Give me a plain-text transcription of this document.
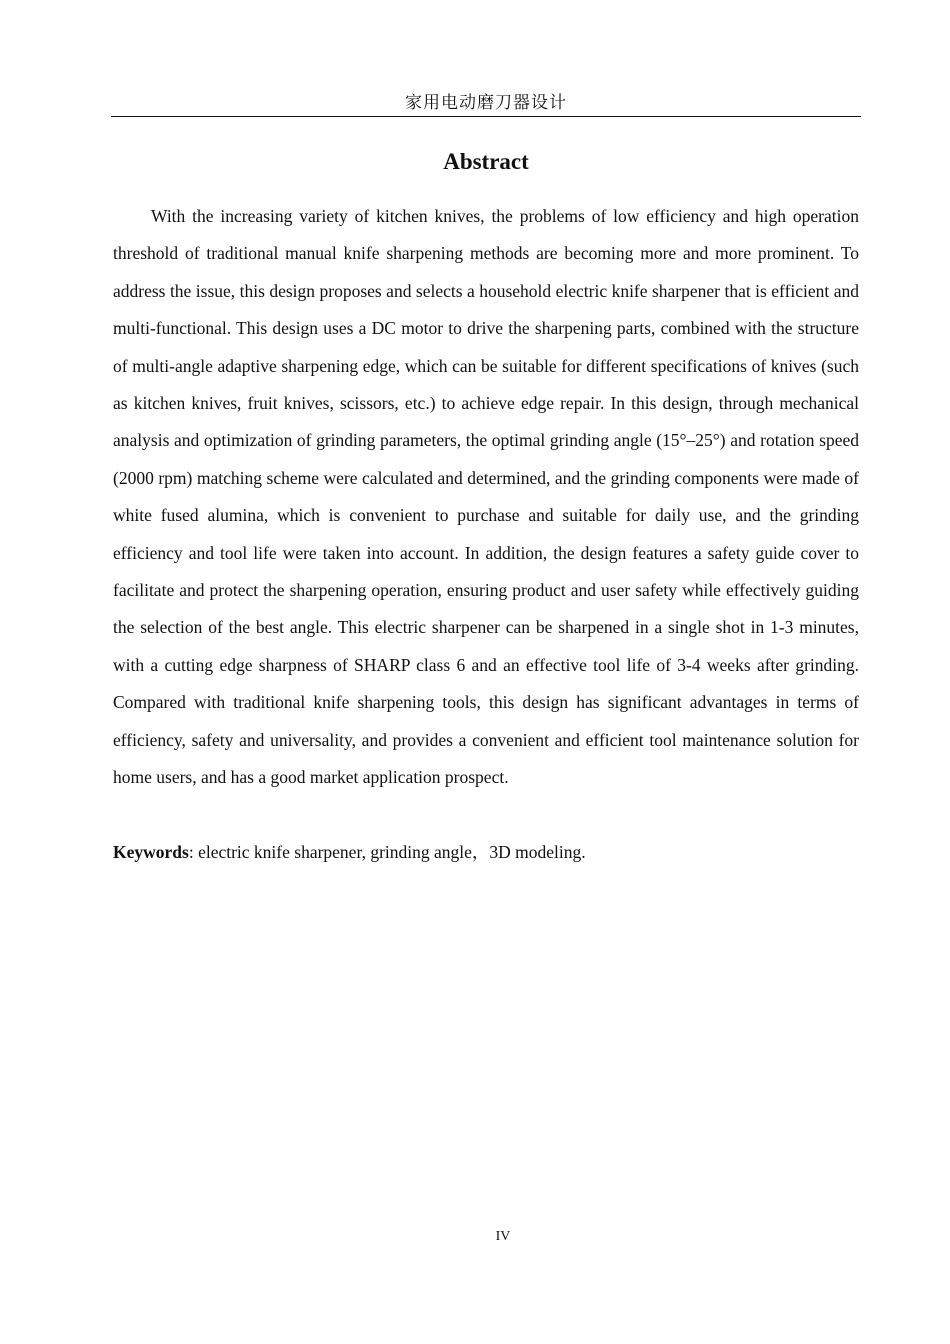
家用电动磨刀器设计
Abstract

With the increasing variety of kitchen knives, the problems of low efficiency and high operation threshold of traditional manual knife sharpening methods are becoming more and more prominent. To address the issue, this design proposes and selects a household electric knife sharpener that is efficient and multi-functional. This design uses a DC motor to drive the sharpening parts, combined with the structure of multi-angle adaptive sharpening edge, which can be suitable for different specifications of knives (such as kitchen knives, fruit knives, scissors, etc.) to achieve edge repair. In this design, through mechanical analysis and optimization of grinding parameters, the optimal grinding angle (15°–25°) and rotation speed (2000 rpm) matching scheme were calculated and determined, and the grinding components were made of white fused alumina, which is convenient to purchase and suitable for daily use, and the grinding efficiency and tool life were taken into account. In addition, the design features a safety guide cover to facilitate and protect the sharpening operation, ensuring product and user safety while effectively guiding the selection of the best angle. This electric sharpener can be sharpened in a single shot in 1-3 minutes, with a cutting edge sharpness of SHARP class 6 and an effective tool life of 3-4 weeks after grinding. Compared with traditional knife sharpening tools, this design has significant advantages in terms of efficiency, safety and universality, and provides a convenient and efficient tool maintenance solution for home users, and has a good market application prospect.

Keywords: electric knife sharpener, grinding angle，3D modeling.

IV
